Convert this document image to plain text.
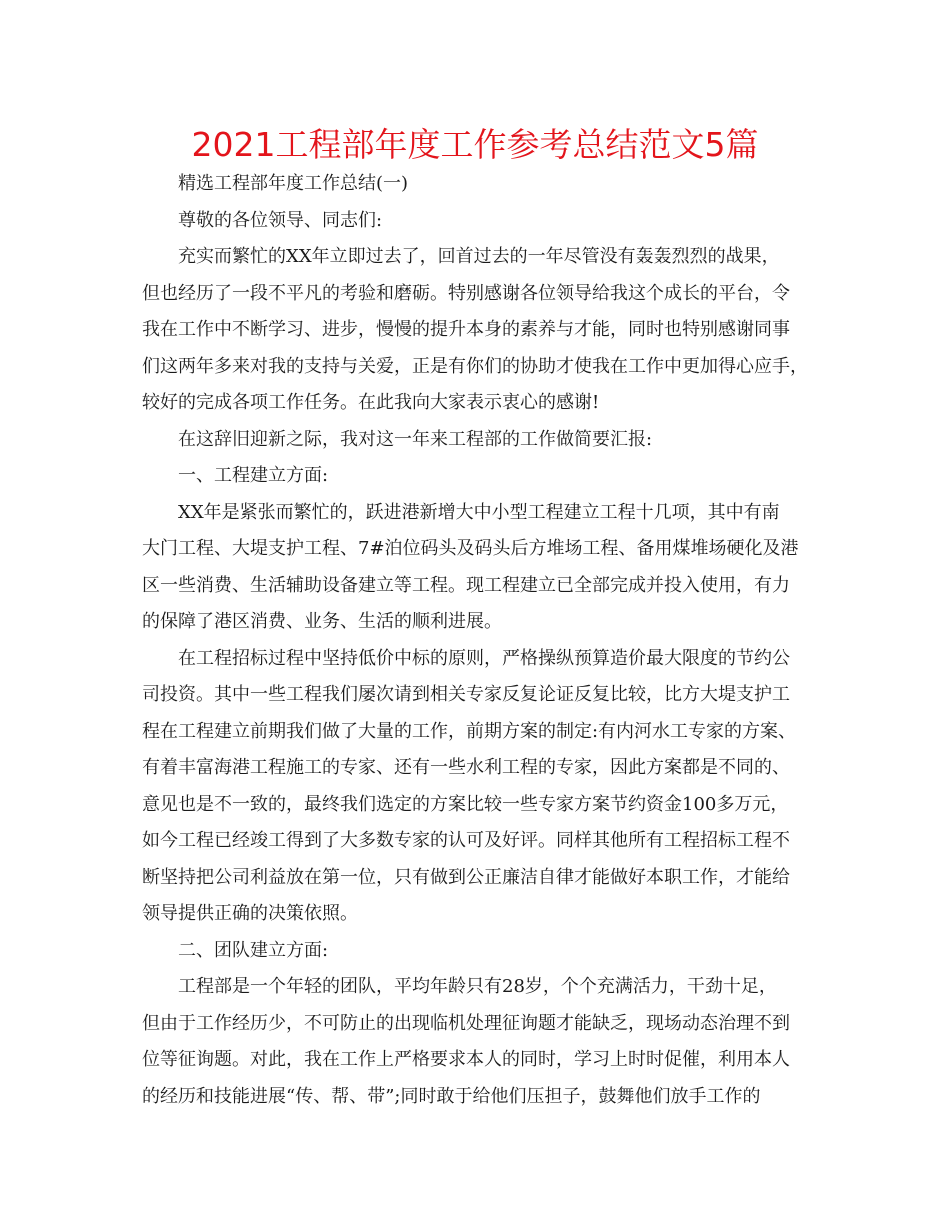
2021工程部年度工作参考总结范文5篇
精选工程部年度工作总结(一)
尊敬的各位领导、同志们:
充实而繁忙的XX年立即过去了，回首过去的一年尽管没有轰轰烈烈的战果，
但也经历了一段不平凡的考验和磨砺。特别感谢各位领导给我这个成长的平台，令
我在工作中不断学习、进步，慢慢的提升本身的素养与才能，同时也特别感谢同事
们这两年多来对我的支持与关爱，正是有你们的协助才使我在工作中更加得心应手，
较好的完成各项工作任务。在此我向大家表示衷心的感谢!
在这辞旧迎新之际，我对这一年来工程部的工作做简要汇报:
一、工程建立方面:
XX年是紧张而繁忙的，跃进港新增大中小型工程建立工程十几项，其中有南
大门工程、大堤支护工程、7#泊位码头及码头后方堆场工程、备用煤堆场硬化及港
区一些消费、生活辅助设备建立等工程。现工程建立已全部完成并投入使用，有力
的保障了港区消费、业务、生活的顺利进展。
在工程招标过程中坚持低价中标的原则，严格操纵预算造价最大限度的节约公
司投资。其中一些工程我们屡次请到相关专家反复论证反复比较，比方大堤支护工
程在工程建立前期我们做了大量的工作，前期方案的制定:有内河水工专家的方案、
有着丰富海港工程施工的专家、还有一些水利工程的专家，因此方案都是不同的、
意见也是不一致的，最终我们选定的方案比较一些专家方案节约资金100多万元，
如今工程已经竣工得到了大多数专家的认可及好评。同样其他所有工程招标工程不
断坚持把公司利益放在第一位，只有做到公正廉洁自律才能做好本职工作，才能给
领导提供正确的决策依照。
二、团队建立方面:
工程部是一个年轻的团队，平均年龄只有28岁，个个充满活力，干劲十足，
但由于工作经历少，不可防止的出现临机处理征询题才能缺乏，现场动态治理不到
位等征询题。对此，我在工作上严格要求本人的同时，学习上时时促催，利用本人
的经历和技能进展“传、帮、带”;同时敢于给他们压担子，鼓舞他们放手工作的
